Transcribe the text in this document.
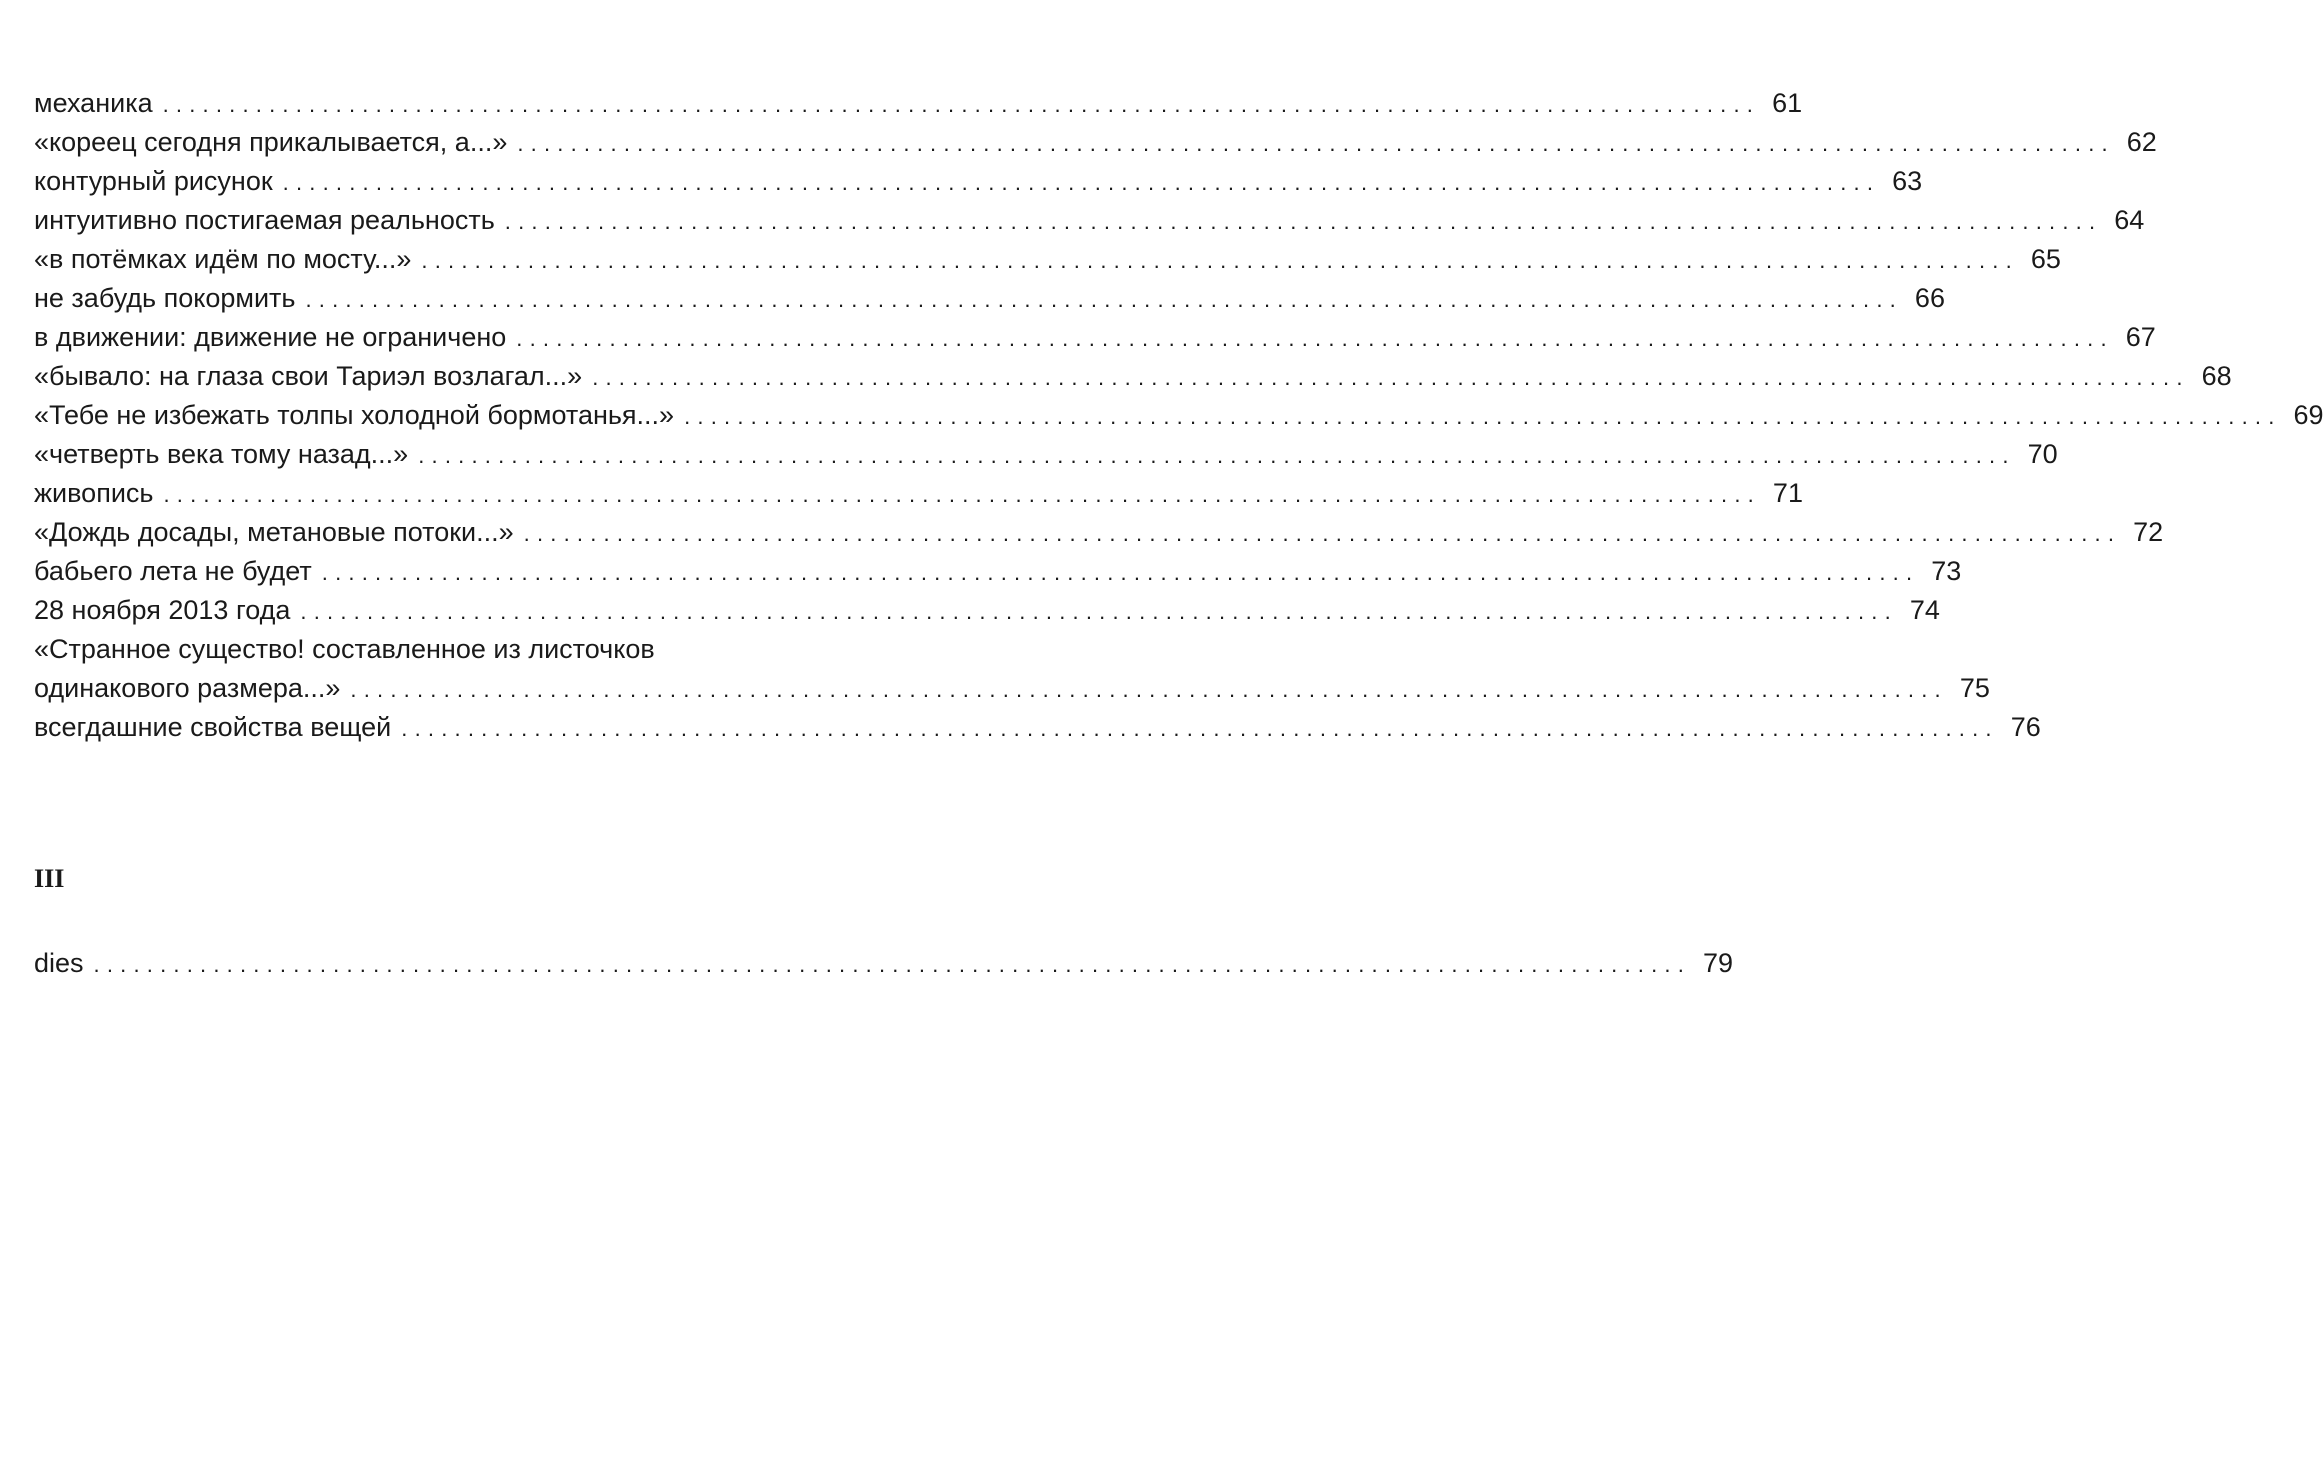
механика ........................................................................................................................ 61
«кореец сегодня прикалывается, а...» ........................................................................................................................ 62
контурный рисунок ........................................................................................................................ 63
интуитивно постигаемая реальность ........................................................................................................................ 64
«в потёмках идём по мосту...» ........................................................................................................................ 65
не забудь покормить ........................................................................................................................ 66
в движении: движение не ограничено ........................................................................................................................ 67
«бывало: на глаза свои Тариэл возлагал...» ........................................................................................................................ 68
«Тебе не избежать толпы холодной бормотанья...» ........................................................................................................................ 69
«четверть века тому назад...» ........................................................................................................................ 70
живопись ........................................................................................................................ 71
«Дождь досады, метановые потоки...» ........................................................................................................................ 72
бабьего лета не будет ........................................................................................................................ 73
28 ноября 2013 года ........................................................................................................................ 74
«Странное существо! составленное из листочков
одинакового размера...» ........................................................................................................................ 75
всегдашние свойства вещей ........................................................................................................................ 76
III
dies ........................................................................................................................ 79
